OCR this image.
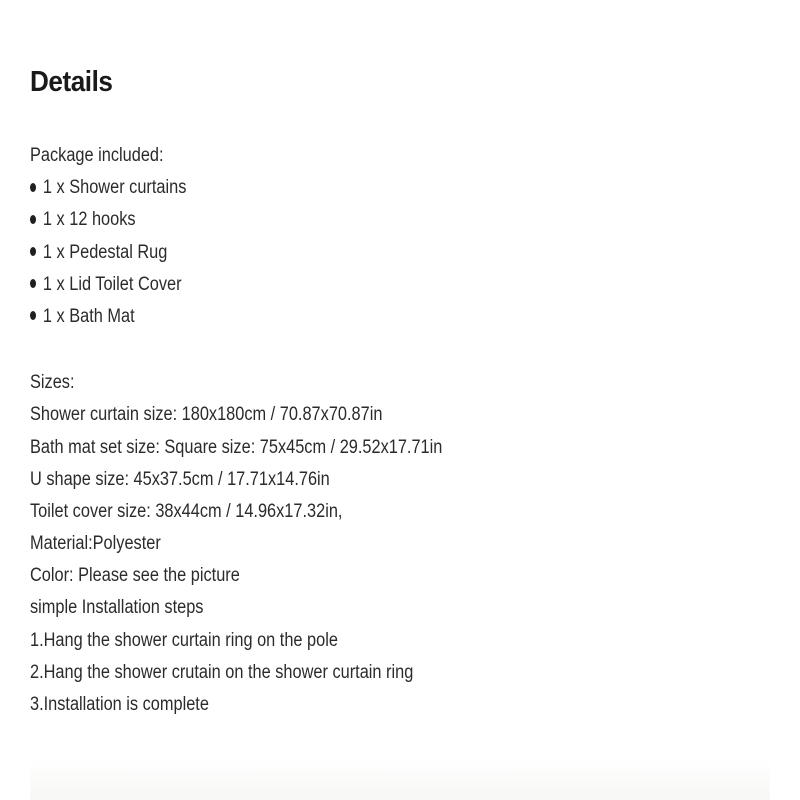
Details
Package included:
1 x Shower curtains
1 x 12 hooks
1 x Pedestal Rug
1 x Lid Toilet Cover
1 x Bath Mat
Sizes:
Shower curtain size: 180x180cm / 70.87x70.87in
Bath mat set size: Square size: 75x45cm / 29.52x17.71in
U shape size: 45x37.5cm / 17.71x14.76in
Toilet cover size: 38x44cm / 14.96x17.32in,
Material:Polyester
Color: Please see the picture
simple Installation steps
1.Hang the shower curtain ring on the pole
2.Hang the shower crutain on the shower curtain ring
3.Installation is complete
